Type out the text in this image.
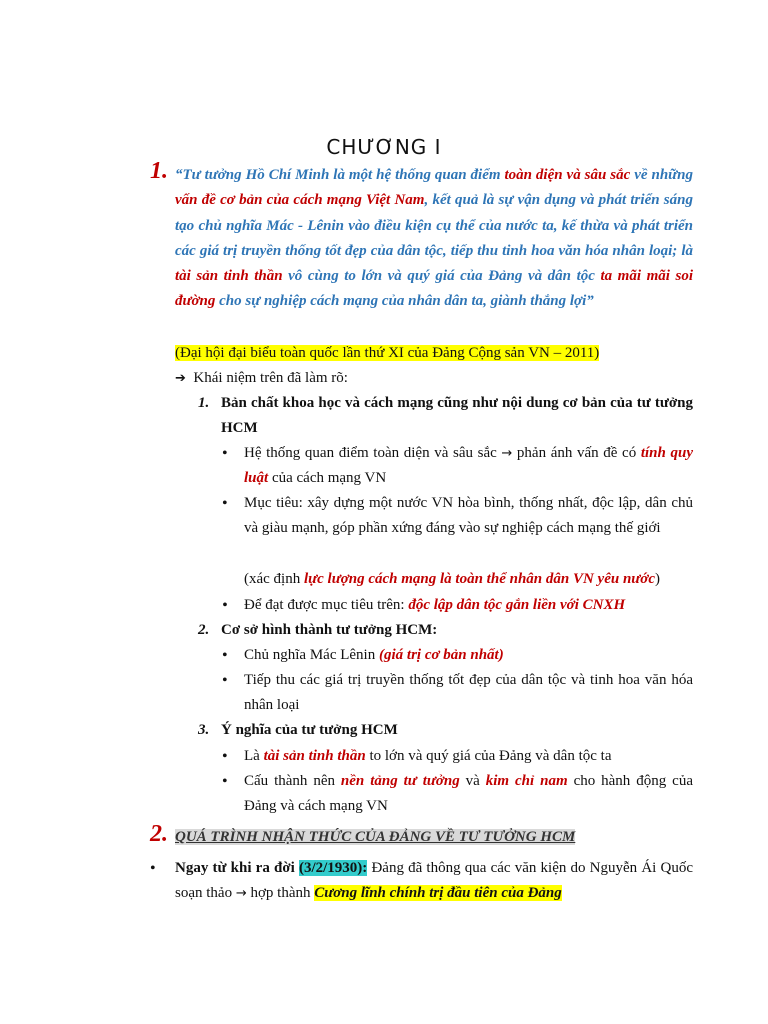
CHƯƠNG I
1. “Tư tưởng Hồ Chí Minh là một hệ thống quan điểm toàn diện và sâu sắc về những vấn đề cơ bản của cách mạng Việt Nam, kết quả là sự vận dụng và phát triển sáng tạo chủ nghĩa Mác - Lênin vào điều kiện cụ thể của nước ta, kế thừa và phát triển các giá trị truyền thống tốt đẹp của dân tộc, tiếp thu tinh hoa văn hóa nhân loại; là tài sản tinh thần vô cùng to lớn và quý giá của Đảng và dân tộc ta mãi mãi soi đường cho sự nghiệp cách mạng của nhân dân ta, giành thắng lợi”
(Đại hội đại biểu toàn quốc lần thứ XI của Đảng Cộng sản VN – 2011)
➔ Khái niệm trên đã làm rõ:
1. Bản chất khoa học và cách mạng cũng như nội dung cơ bản của tư tưởng HCM
• Hệ thống quan điểm toàn diện và sâu sắc → phản ánh vấn đề có tính quy luật của cách mạng VN
• Mục tiêu: xây dựng một nước VN hòa bình, thống nhất, độc lập, dân chủ và giàu mạnh, góp phần xứng đáng vào sự nghiệp cách mạng thế giới
(xác định lực lượng cách mạng là toàn thể nhân dân VN yêu nước)
• Để đạt được mục tiêu trên: độc lập dân tộc gắn liền với CNXH
2. Cơ sở hình thành tư tưởng HCM:
• Chủ nghĩa Mác Lênin (giá trị cơ bản nhất)
• Tiếp thu các giá trị truyền thống tốt đẹp của dân tộc và tinh hoa văn hóa nhân loại
3. Ý nghĩa của tư tưởng HCM
• Là tài sản tinh thần to lớn và quý giá của Đảng và dân tộc ta
• Cấu thành nên nền tảng tư tưởng và kim chỉ nam cho hành động của Đảng và cách mạng VN
2. QUÁ TRÌNH NHẬN THỨC CỦA ĐẢNG VỀ TƯ TƯỞNG HCM
• Ngay từ khi ra đời (3/2/1930): Đảng đã thông qua các văn kiện do Nguyễn Ái Quốc soạn thảo → hợp thành Cương lĩnh chính trị đầu tiên của Đảng
